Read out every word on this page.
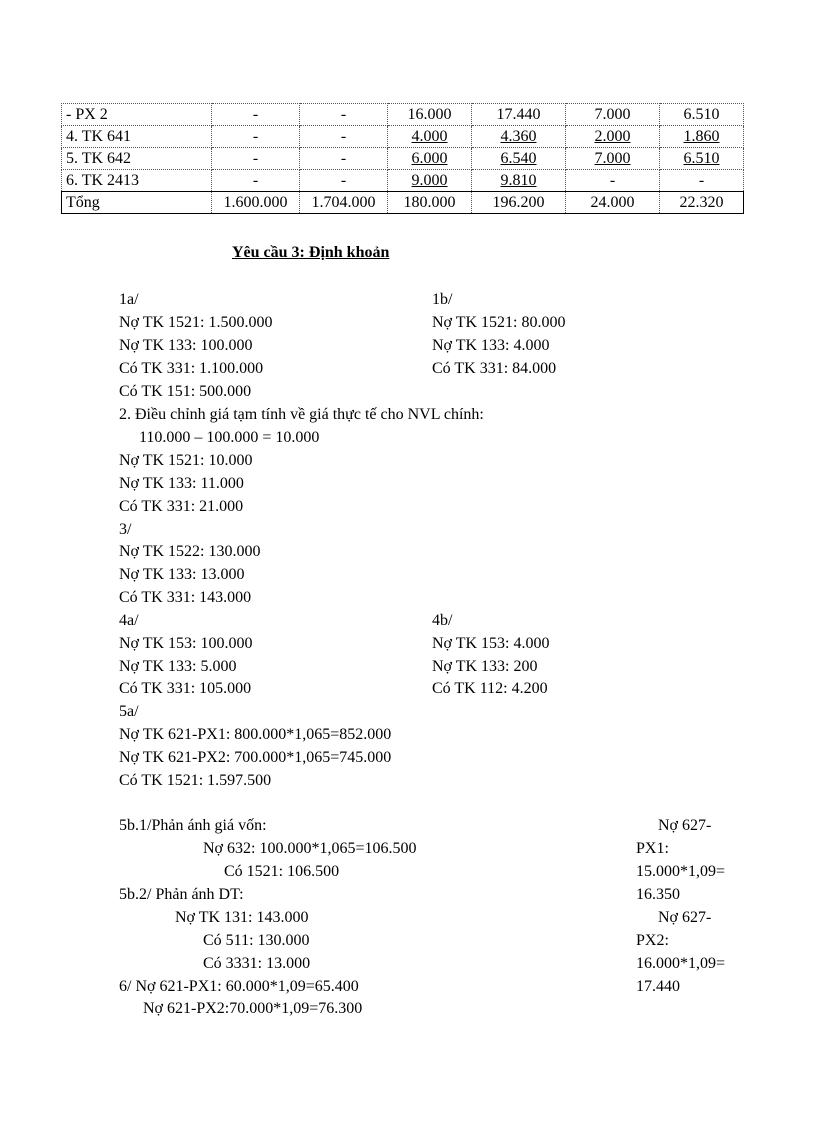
- PX 2	-	-	16.000	17.440	7.000	6.510
4. TK 641	-	-	4.000	4.360	2.000	1.860
5. TK 642	-	-	6.000	6.540	7.000	6.510
6. TK 2413	-	-	9.000	9.810	-	-
Tổng	1.600.000	1.704.000	180.000	196.200	24.000	22.320
Yêu cầu 3: Định khoản
1a/
Nợ TK 1521: 1.500.000
Nợ TK 133: 100.000
Có TK 331: 1.100.000
Có TK 151: 500.000
2. Điều chỉnh giá tạm tính về giá thực tế cho NVL chính:
110.000 – 100.000 = 10.000
Nợ TK 1521: 10.000
Nợ TK 133: 11.000
Có TK 331: 21.000
3/
Nợ TK 1522: 130.000
Nợ TK 133: 13.000
Có TK 331: 143.000
4a/
Nợ TK 153: 100.000
Nợ TK 133: 5.000
Có TK 331: 105.000
5a/
Nợ TK 621-PX1: 800.000*1,065=852.000
Nợ TK 621-PX2: 700.000*1,065=745.000
Có TK 1521: 1.597.500
1b/
Nợ TK 1521: 80.000
Nợ TK 133: 4.000
Có TK 331: 84.000
4b/
Nợ TK 153: 4.000
Nợ TK 133: 200
Có TK 112: 4.200
5b.1/Phản ánh giá vốn:
Nợ 632: 100.000*1,065=106.500
Có 1521: 106.500
5b.2/ Phản ánh DT:
Nợ TK 131: 143.000
Có 511: 130.000
Có 3331: 13.000
6/ Nợ 621-PX1: 60.000*1,09=65.400
Nợ 621-PX2:70.000*1,09=76.300
Nợ 627-
PX1:
15.000*1,09=
16.350
Nợ 627-
PX2:
16.000*1,09=
17.440
